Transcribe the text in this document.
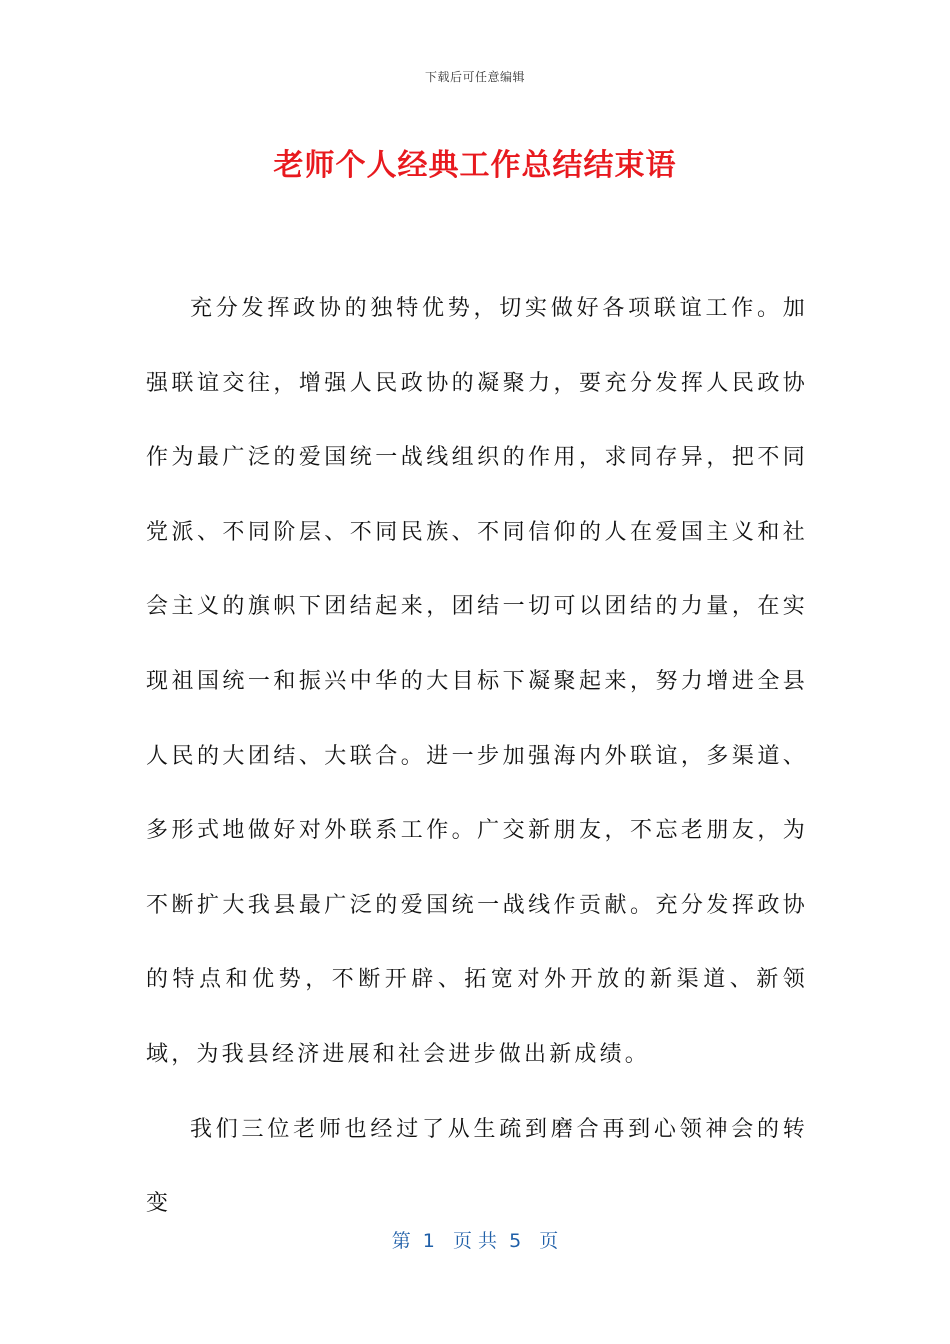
下载后可任意编辑
老师个人经典工作总结结束语

充分发挥政协的独特优势，切实做好各项联谊工作。加强联谊交往，增强人民政协的凝聚力，要充分发挥人民政协作为最广泛的爱国统一战线组织的作用，求同存异，把不同党派、不同阶层、不同民族、不同信仰的人在爱国主义和社会主义的旗帜下团结起来，团结一切可以团结的力量，在实现祖国统一和振兴中华的大目标下凝聚起来，努力增进全县人民的大团结、大联合。进一步加强海内外联谊，多渠道、多形式地做好对外联系工作。广交新朋友，不忘老朋友，为不断扩大我县最广泛的爱国统一战线作贡献。充分发挥政协的特点和优势，不断开辟、拓宽对外开放的新渠道、新领域，为我县经济进展和社会进步做出新成绩。

我们三位老师也经过了从生疏到磨合再到心领神会的转变

第  1   页 共  5   页
